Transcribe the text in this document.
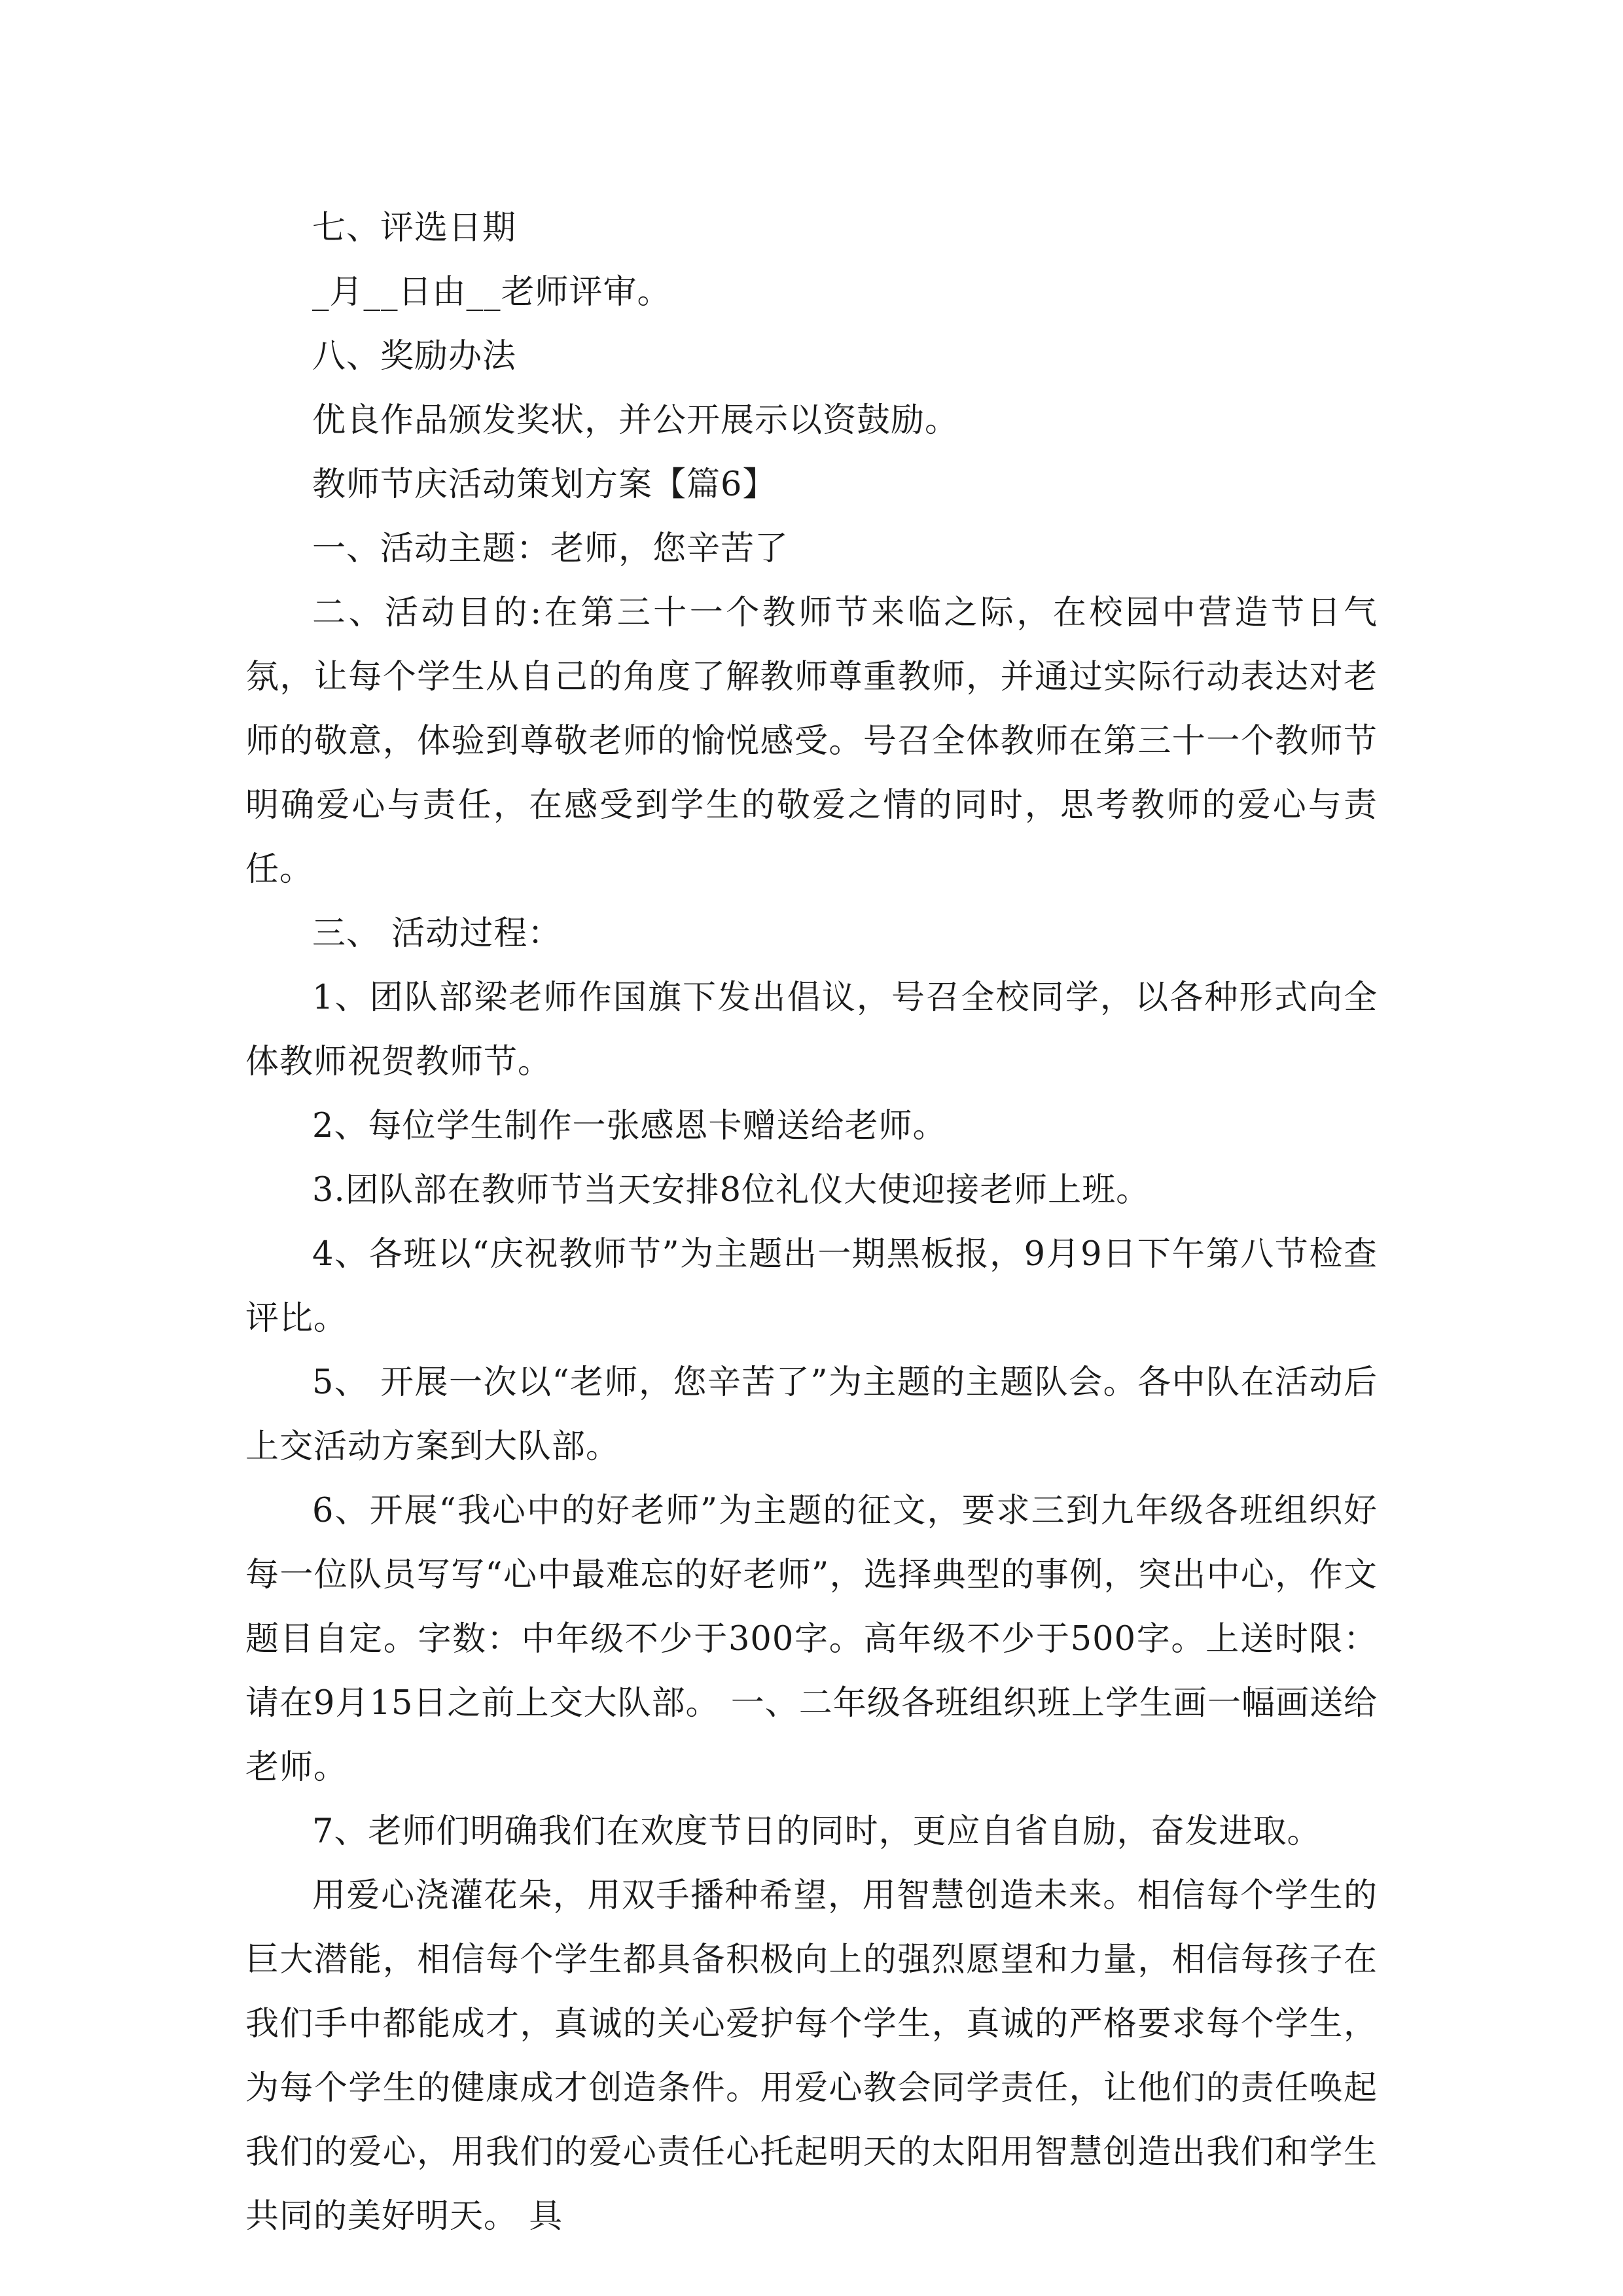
七、评选日期

_月__日由__老师评审。

八、奖励办法

优良作品颁发奖状，并公开展示以资鼓励。

教师节庆活动策划方案【篇6】

一、活动主题：老师，您辛苦了

二、活动目的:在第三十一个教师节来临之际，在校园中营造节日气氛，让每个学生从自己的角度了解教师尊重教师，并通过实际行动表达对老师的敬意，体验到尊敬老师的愉悦感受。号召全体教师在第三十一个教师节明确爱心与责任，在感受到学生的敬爱之情的同时，思考教师的爱心与责任。

三、 活动过程：

1、团队部梁老师作国旗下发出倡议，号召全校同学，以各种形式向全体教师祝贺教师节。

2、每位学生制作一张感恩卡赠送给老师。

3.团队部在教师节当天安排8位礼仪大使迎接老师上班。

4、各班以“庆祝教师节”为主题出一期黑板报，9月9日下午第八节检查评比。

5、 开展一次以“老师，您辛苦了”为主题的主题队会。各中队在活动后上交活动方案到大队部。

6、开展“我心中的好老师”为主题的征文，要求三到九年级各班组织好每一位队员写写“心中最难忘的好老师”，选择典型的事例，突出中心，作文题目自定。字数：中年级不少于300字。高年级不少于500字。上送时限：请在9月15日之前上交大队部。 一、二年级各班组织班上学生画一幅画送给老师。

7、老师们明确我们在欢度节日的同时，更应自省自励，奋发进取。

用爱心浇灌花朵，用双手播种希望，用智慧创造未来。相信每个学生的巨大潜能，相信每个学生都具备积极向上的强烈愿望和力量，相信每孩子在我们手中都能成才，真诚的关心爱护每个学生，真诚的严格要求每个学生，为每个学生的健康成才创造条件。用爱心教会同学责任，让他们的责任唤起我们的爱心，用我们的爱心责任心托起明天的太阳用智慧创造出我们和学生共同的美好明天。 具
